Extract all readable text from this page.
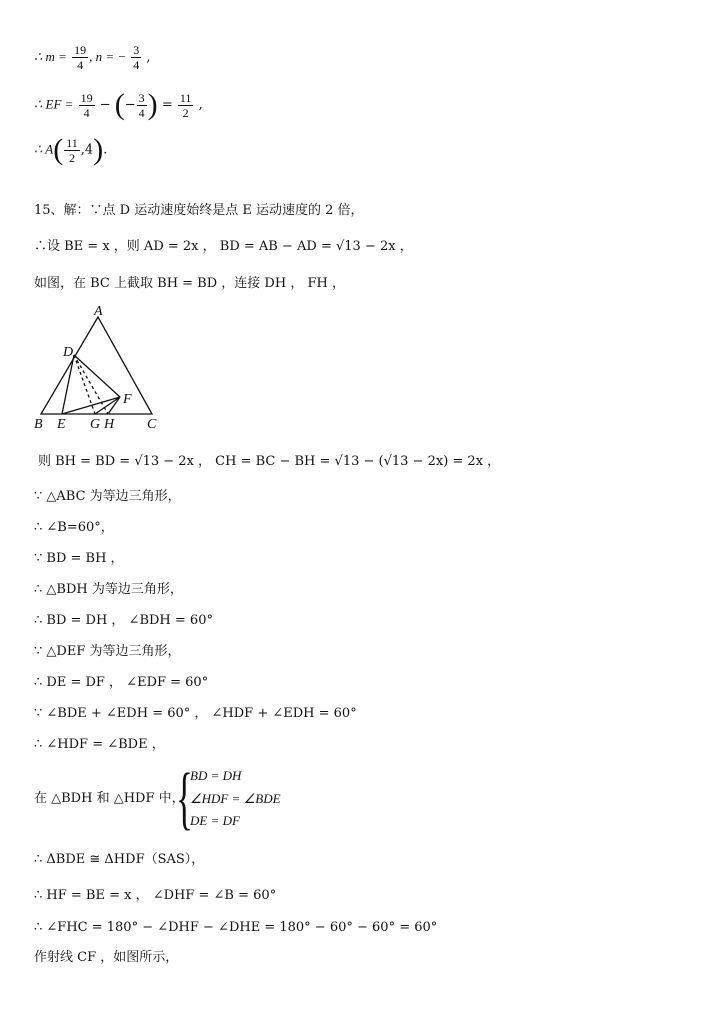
∴ $m = \frac{19}{4}$ , n = − $\frac{3}{4}$ ,
∴ EF = $\frac{19}{4}$ − (− $\frac{3}{4}$ ) = $\frac{11}{2}$ ,
∴ $A( \frac{11}{2} ,4)$.
15、解：∵点 D 运动速度始终是点 E 运动速度的 2 倍，
∴设 BE = x ，则 AD = 2x ， BD = AB − AD = √13 − 2x ，
如图，在 BC 上截取 BH = BD ，连接 DH ， FH ，
A
D
F
B E G H C
则 BH = BD = √13 − 2x ， CH = BC − BH = √13 − (√13 − 2x) = 2x ，
∵ △ABC 为等边三角形，
∴ ∠B=60°，
∵ BD = BH ，
∴ △BDH 为等边三角形，
∴ BD = DH ， ∠BDH = 60°
∵ △DEF 为等边三角形，
∴ DE = DF ， ∠EDF = 60°
∵ ∠BDE + ∠EDH = 60° ， ∠HDF + ∠EDH = 60°
∴ ∠HDF = ∠BDE ，
在 △BDH 和 △HDF 中，
{
BD = DH
∠HDF = ∠BDE
DE = DF
∴ ΔBDE ≅ ΔHDF（SAS），
∴ HF = BE = x ， ∠DHF = ∠B = 60°
∴ ∠FHC = 180° − ∠DHF − ∠DHE = 180° − 60° − 60° = 60°
作射线 CF ，如图所示，
